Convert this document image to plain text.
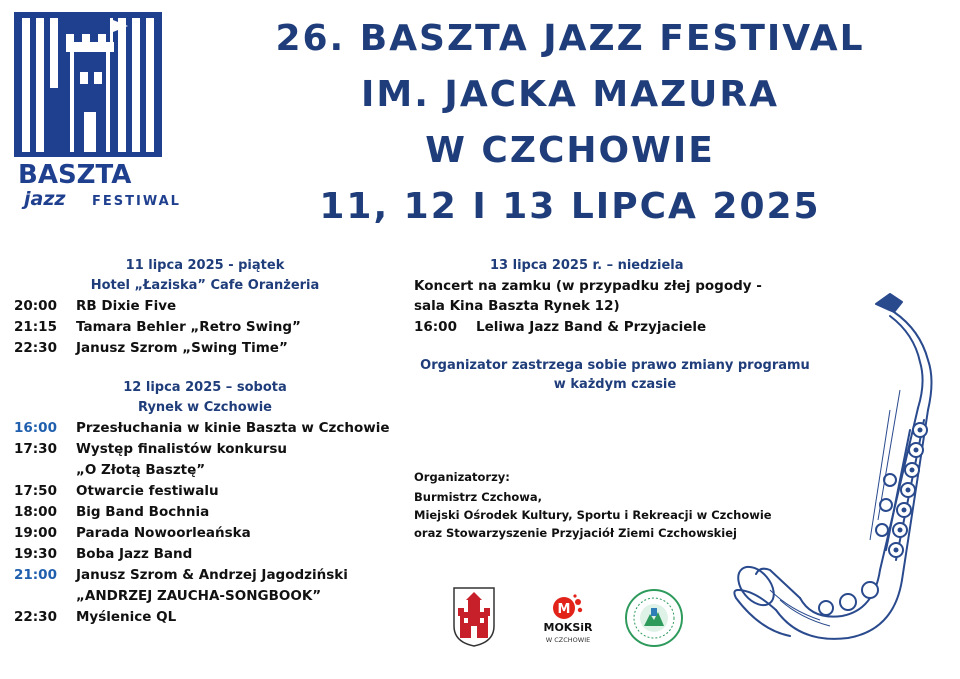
BASZTA
jazz FESTIWAL
26. BASZTA JAZZ FESTIVAL
IM. JACKA MAZURA
W CZCHOWIE
11, 12 I 13 LIPCA 2025
11 lipca 2025 - piątek
Hotel „Łaziska” Cafe Oranżeria
20:00 RB Dixie Five
21:15 Tamara Behler „Retro Swing”
22:30 Janusz Szrom „Swing Time”
12 lipca 2025 – sobota
Rynek w Czchowie
16:00 Przesłuchania w kinie Baszta w Czchowie
17:30 Występ finalistów konkursu
„O Złotą Basztę”
17:50 Otwarcie festiwalu
18:00 Big Band Bochnia
19:00 Parada Nowoorleańska
19:30 Boba Jazz Band
21:00 Janusz Szrom & Andrzej Jagodziński
„ANDRZEJ ZAUCHA-SONGBOOK”
22:30 Myślenice QL
13 lipca 2025 r. – niedziela
Koncert na zamku (w przypadku złej pogody -
sala Kina Baszta Rynek 12)
16:00 Leliwa Jazz Band & Przyjaciele
Organizator zastrzega sobie prawo zmiany programu
w każdym czasie
Organizatorzy:
Burmistrz Czchowa,
Miejski Ośrodek Kultury, Sportu i Rekreacji w Czchowie
oraz Stowarzyszenie Przyjaciół Ziemi Czchowskiej
M
MOKSiR
W CZCHOWIE
